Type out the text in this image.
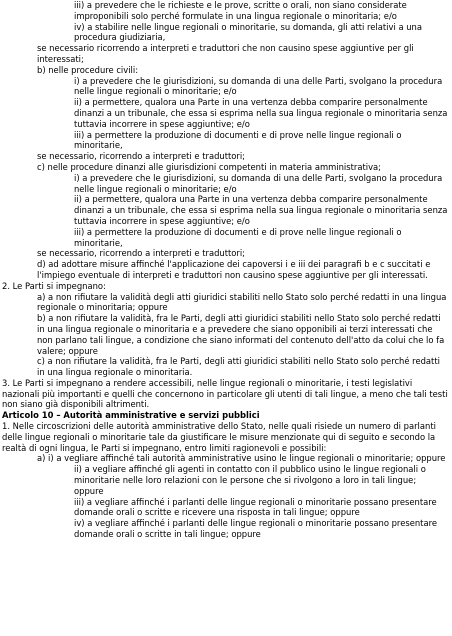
iii) a prevedere che le richieste e le prove, scritte o orali, non siano considerate improponibili solo perché formulate in una lingua regionale o minoritaria; e/o

iv) a stabilire nelle lingue regionali o minoritarie, su domanda, gli atti relativi a una procedura giudiziaria,

se necessario ricorrendo a interpreti e traduttori che non causino spese aggiuntive per gli interessati;

b) nelle procedure civili:

i) a prevedere che le giurisdizioni, su domanda di una delle Parti, svolgano la procedura nelle lingue regionali o minoritarie; e/o

ii) a permettere, qualora una Parte in una vertenza debba comparire personalmente dinanzi a un tribunale, che essa si esprima nella sua lingua regionale o minoritaria senza tuttavia incorrere in spese aggiuntive; e/o

iii) a permettere la produzione di documenti e di prove nelle lingue regionali o minoritarie,

se necessario, ricorrendo a interpreti e traduttori;

c) nelle procedure dinanzi alle giurisdizioni competenti in materia amministrativa;

i) a prevedere che le giurisdizioni, su domanda di una delle Parti, svolgano la procedura nelle lingue regionali o minoritarie; e/o

ii) a permettere, qualora una Parte in una vertenza debba comparire personalmente dinanzi a un tribunale, che essa si esprima nella sua lingua regionale o minoritaria senza tuttavia incorrere in spese aggiuntive; e/o

iii) a permettere la produzione di documenti e di prove nelle lingue regionali o minoritarie,

se necessario, ricorrendo a interpreti e traduttori;

d) ad adottare misure affinché l'applicazione dei capoversi i e iii dei paragrafi b e c succitati e l'impiego eventuale di interpreti e traduttori non causino spese aggiuntive per gli interessati.

2. Le Parti si impegnano:

a) a non rifiutare la validità degli atti giuridici stabiliti nello Stato solo perché redatti in una lingua regionale o minoritaria; oppure

b) a non rifiutare la validità, fra le Parti, degli atti giuridici stabiliti nello Stato solo perché redatti in una lingua regionale o minoritaria e a prevedere che siano opponibili ai terzi interessati che non parlano tali lingue, a condizione che siano informati del contenuto dell'atto da colui che lo fa valere; oppure

c) a non rifiutare la validità, fra le Parti, degli atti giuridici stabiliti nello Stato solo perché redatti in una lingua regionale o minoritaria.

3. Le Parti si impegnano a rendere accessibili, nelle lingue regionali o minoritarie, i testi legislativi nazionali più importanti e quelli che concernono in particolare gli utenti di tali lingue, a meno che tali testi non siano già disponibili altrimenti.

Articolo 10 – Autorità amministrative e servizi pubblici

1. Nelle circoscrizioni delle autorità amministrative dello Stato, nelle quali risiede un numero di parlanti delle lingue regionali o minoritarie tale da giustificare le misure menzionate qui di seguito e secondo la realtà di ogni lingua, le Parti si impegnano, entro limiti ragionevoli e possibili:

a) i) a vegliare affinché tali autorità amministrative usino le lingue regionali o minoritarie; oppure

ii) a vegliare affinché gli agenti in contatto con il pubblico usino le lingue regionali o minoritarie nelle loro relazioni con le persone che si rivolgono a loro in tali lingue; oppure

iii) a vegliare affinché i parlanti delle lingue regionali o minoritarie possano presentare domande orali o scritte e ricevere una risposta in tali lingue; oppure

iv) a vegliare affinché i parlanti delle lingue regionali o minoritarie possano presentare domande orali o scritte in tali lingue; oppure
